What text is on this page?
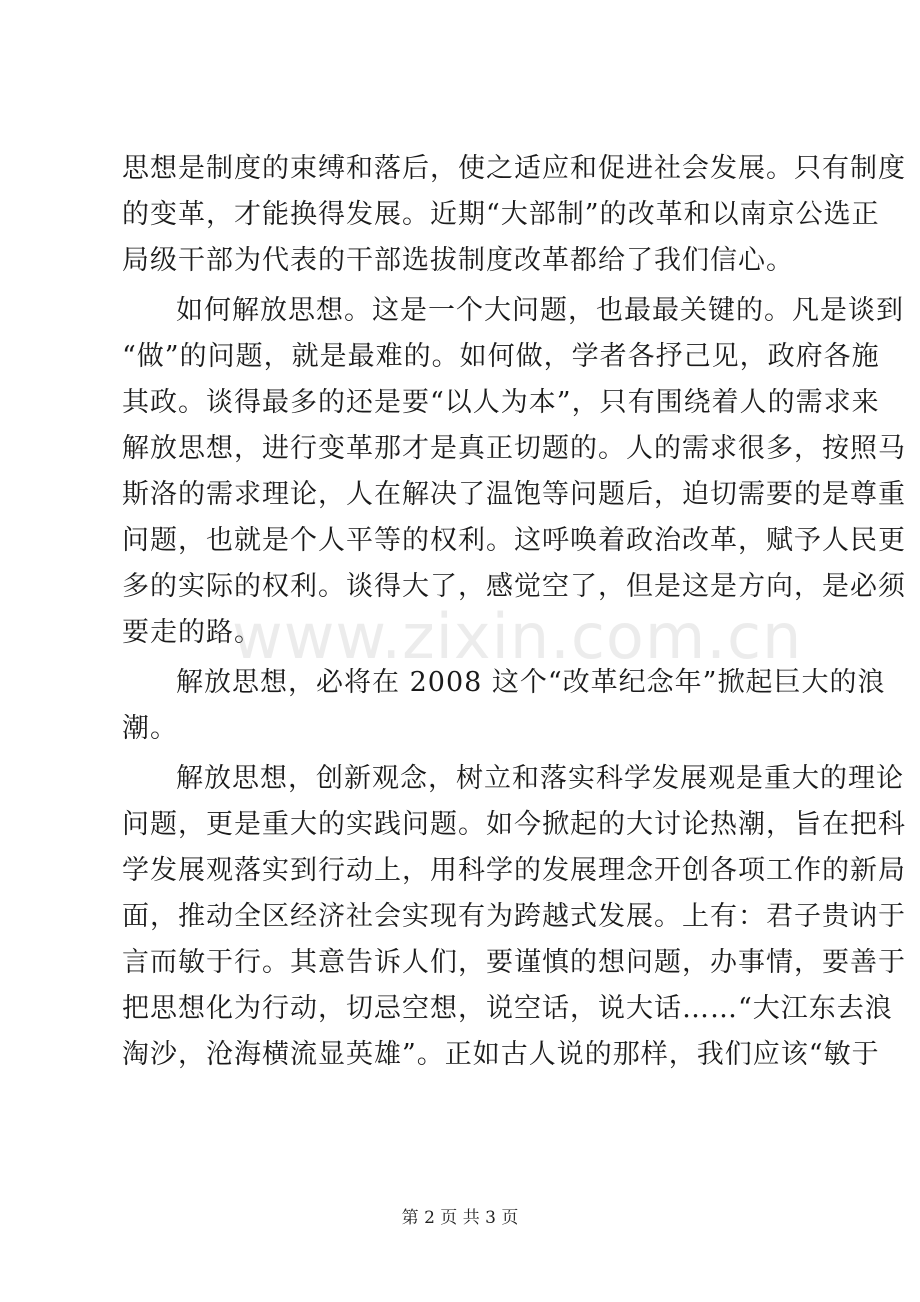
思想是制度的束缚和落后，使之适应和促进社会发展。只有制度
的变革，才能换得发展。近期“大部制”的改革和以南京公选正
局级干部为代表的干部选拔制度改革都给了我们信心。
如何解放思想。这是一个大问题，也最最关键的。凡是谈到
“做”的问题，就是最难的。如何做，学者各抒己见，政府各施
其政。谈得最多的还是要“以人为本”，只有围绕着人的需求来
解放思想，进行变革那才是真正切题的。人的需求很多，按照马
斯洛的需求理论，人在解决了温饱等问题后，迫切需要的是尊重
问题，也就是个人平等的权利。这呼唤着政治改革，赋予人民更
多的实际的权利。谈得大了，感觉空了，但是这是方向，是必须
要走的路。
解放思想，必将在 2008 这个“改革纪念年”掀起巨大的浪
潮。
解放思想，创新观念，树立和落实科学发展观是重大的理论
问题，更是重大的实践问题。如今掀起的大讨论热潮，旨在把科
学发展观落实到行动上，用科学的发展理念开创各项工作的新局
面，推动全区经济社会实现有为跨越式发展。上有：君子贵讷于
言而敏于行。其意告诉人们，要谨慎的想问题，办事情，要善于
把思想化为行动，切忌空想，说空话，说大话……“大江东去浪
淘沙，沧海横流显英雄”。正如古人说的那样，我们应该“敏于
www.zixin.com.cn
第 2 页 共 3 页
